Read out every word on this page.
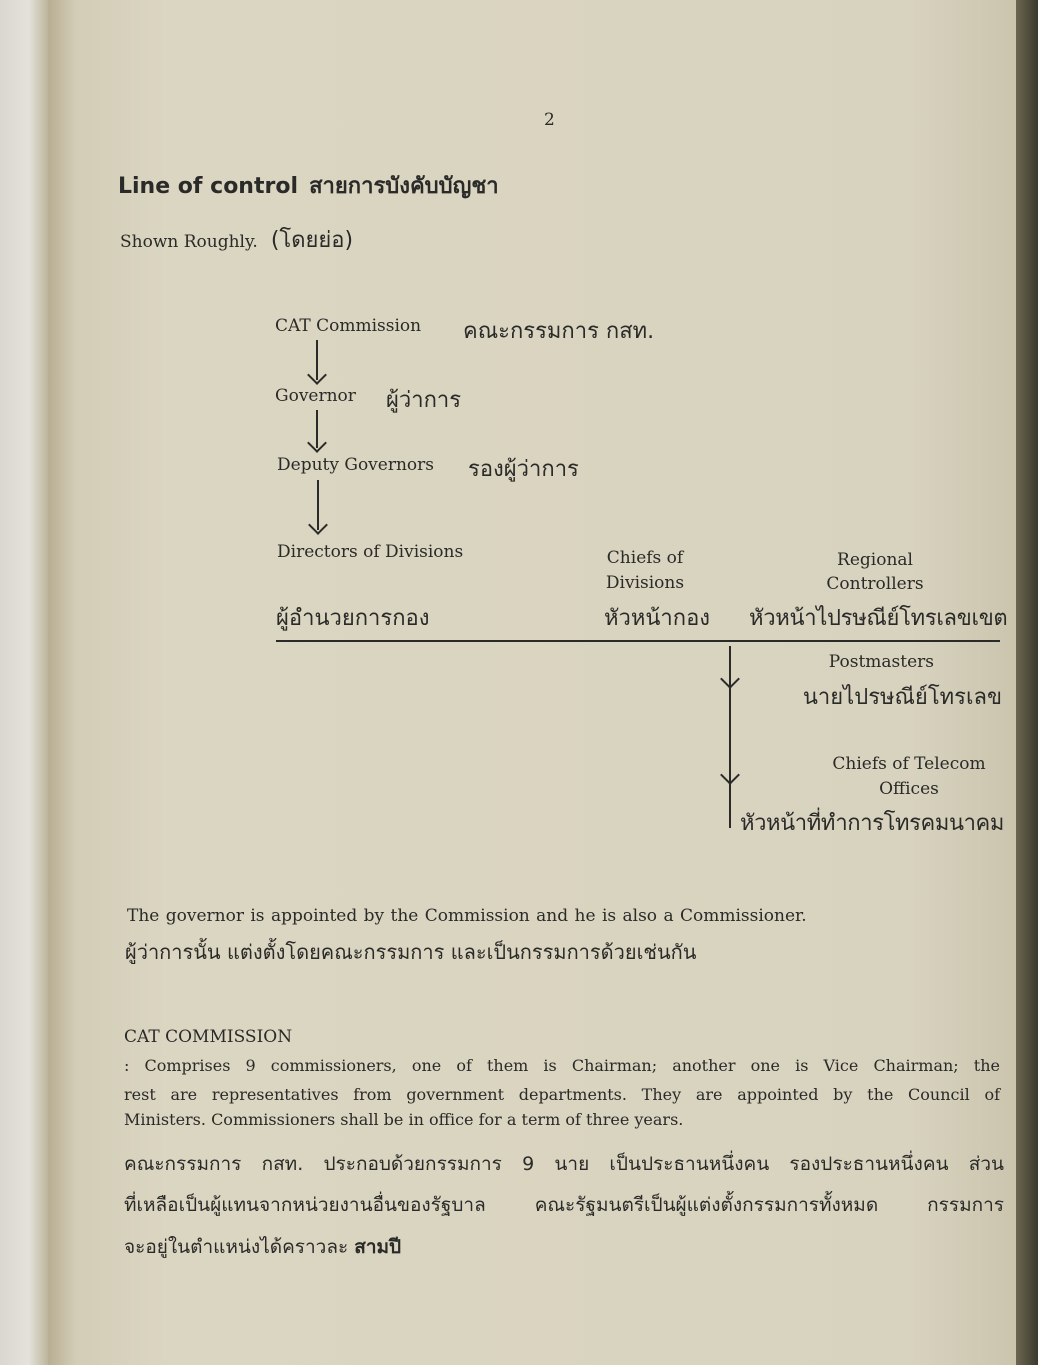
2
Line of control สายการบังคับบัญชา
Shown Roughly. (โดยย่อ)
CAT Commission คณะกรรมการ กสท.
Governor ผู้ว่าการ
Deputy Governors รองผู้ว่าการ
Directors of Divisions
ผู้อำนวยการกอง
Chiefs of
Divisions
หัวหน้ากอง
Regional
Controllers
หัวหน้าไปรษณีย์โทรเลขเขต
Postmasters
นายไปรษณีย์โทรเลข
Chiefs of Telecom
Offices
หัวหน้าที่ทำการโทรคมนาคม
The governor is appointed by the Commission and he is also a Commissioner.
ผู้ว่าการนั้น แต่งตั้งโดยคณะกรรมการ และเป็นกรรมการด้วยเช่นกัน
CAT COMMISSION
: Comprises 9 commissioners, one of them is Chairman; another one is Vice Chairman; the
rest are representatives from government departments. They are appointed by the Council of
Ministers. Commissioners shall be in office for a term of three years.
คณะกรรมการ กสท. ประกอบด้วยกรรมการ 9 นาย เป็นประธานหนึ่งคน รองประธานหนึ่งคน ส่วน
ที่เหลือเป็นผู้แทนจากหน่วยงานอื่นของรัฐบาล คณะรัฐมนตรีเป็นผู้แต่งตั้งกรรมการทั้งหมด กรรมการ
จะอยู่ในตำแหน่งได้คราวละ สามปี
